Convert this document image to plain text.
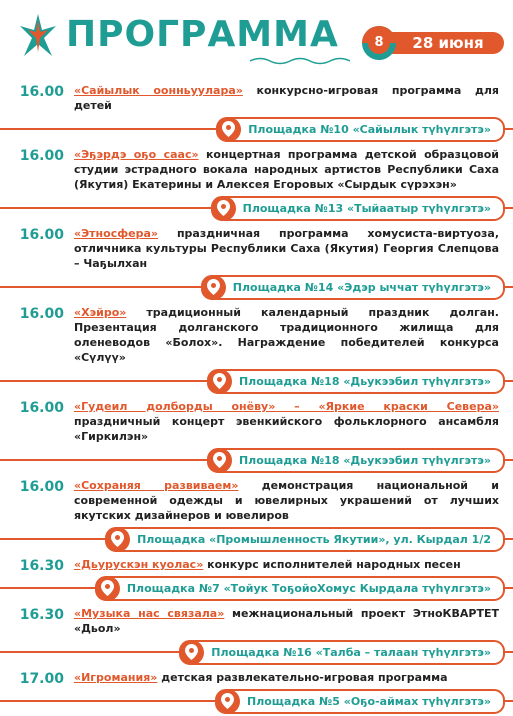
ПРОГРАММА	28 июня
8
16.00 «Сайылык оонньуулара» конкурсно-игровая программа для детей
Площадка №10 «Сайылык түһүлгэтэ»
16.00 «Эҕэрдэ оҕо саас» концертная программа детской образцовой студии эстрадного вокала народных артистов Республики Саха (Якутия) Екатерины и Алексея Егоровых «Сырдык сүрэхэн»
Площадка №13 «Тыйаатыр түһүлгэтэ»
16.00 «Этносфера» праздничная программа хомусиста-виртуоза, отличника культуры Республики Саха (Якутия) Георгия Слепцова – Чаҕылхан
Площадка №14 «Эдэр ыччат түһүлгэтэ»
16.00 «Хэйро» традиционный календарный праздник долган. Презентация долганского традиционного жилища для оленеводов «Болох». Награждение победителей конкурса «Сүлүү»
Площадка №18 «Дьукээбил түһүлгэтэ»
16.00 «Гудеил долборды онёву» – «Яркие краски Севера» праздничный концерт эвенкийского фольклорного ансамбля «Гиркилэн»
Площадка №18 «Дьукээбил түһүлгэтэ»
16.00 «Сохраняя развиваем» демонстрация национальной и современной одежды и ювелирных украшений от лучших якутских дизайнеров и ювелиров
Площадка «Промышленность Якутии», ул. Кырдал 1/2
16.30 «Дьурускэн куолас» конкурс исполнителей народных песен
Площадка №7 «Тойук ТоҕойоXомус Кырдала түһүлгэтэ»
16.30 «Музыка нас связала» межнациональный проект ЭтноКВАРТЕТ «Дьол»
Площадка №16 «Талба – талаан түһүлгэтэ»
17.00 «Игромания» детская развлекательно-игровая программа
Площадка №5 «Оҕо-аймах түһүлгэтэ»
